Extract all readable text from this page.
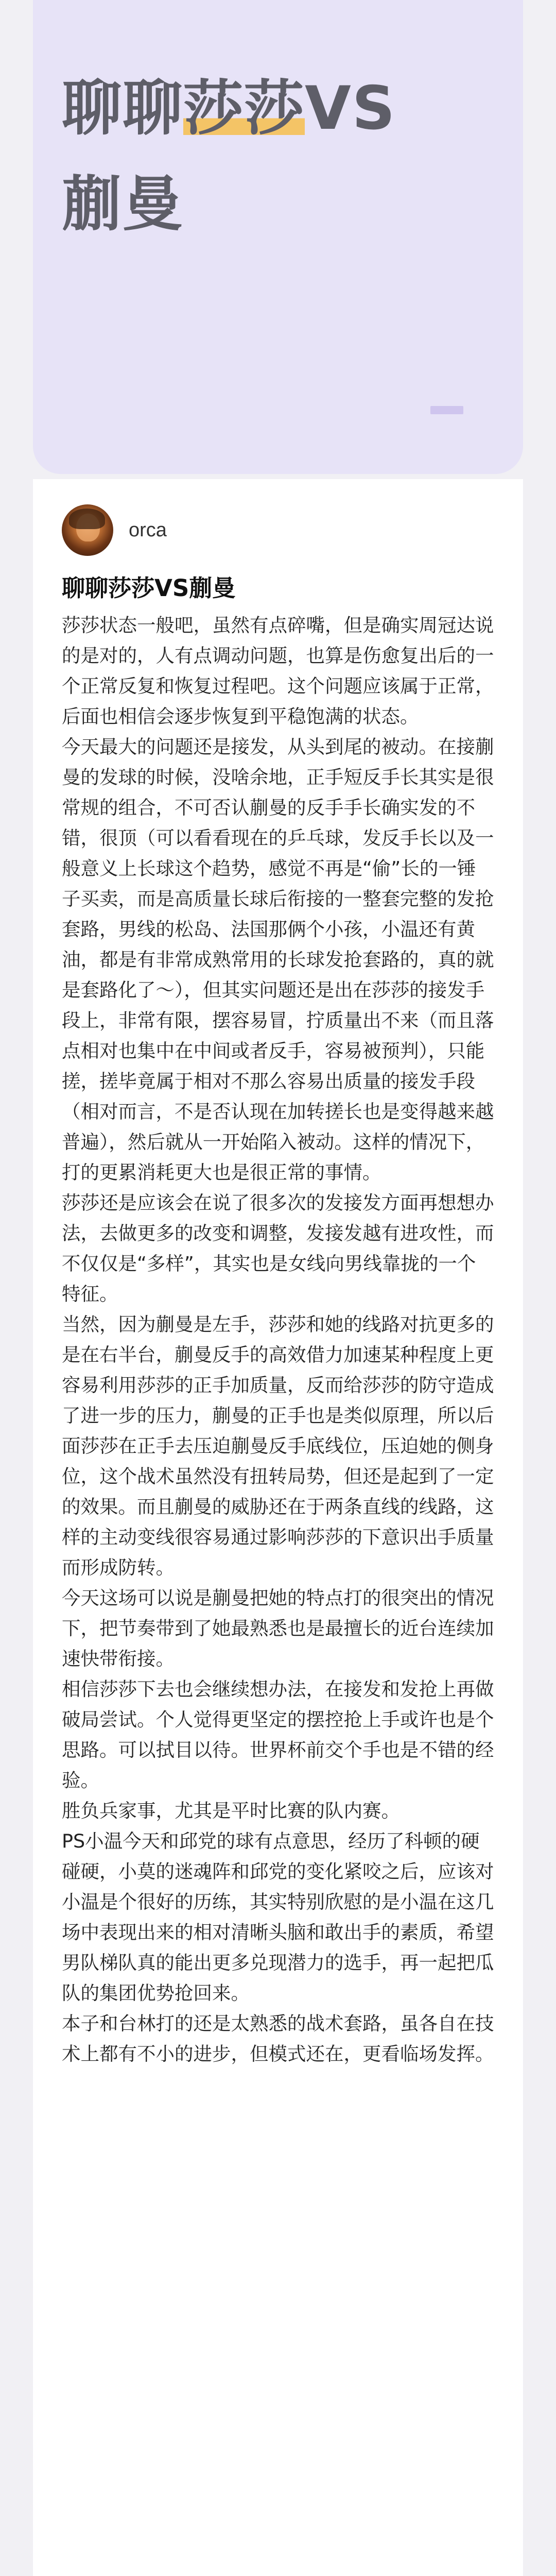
聊聊莎莎VS
蒯曼
orca
聊聊莎莎VS蒯曼

莎莎状态一般吧，虽然有点碎嘴，但是确实周冠达说的是对的，人有点调动问题，也算是伤愈复出后的一个正常反复和恢复过程吧。这个问题应该属于正常，后面也相信会逐步恢复到平稳饱满的状态。

今天最大的问题还是接发，从头到尾的被动。在接蒯曼的发球的时候，没啥余地，正手短反手长其实是很常规的组合，不可否认蒯曼的反手手长确实发的不错，很顶（可以看看现在的乒乓球，发反手长以及一般意义上长球这个趋势，感觉不再是“偷”长的一锤子买卖，而是高质量长球后衔接的一整套完整的发抢套路，男线的松岛、法国那俩个小孩，小温还有黄油，都是有非常成熟常用的长球发抢套路的，真的就是套路化了～），但其实问题还是出在莎莎的接发手段上，非常有限，摆容易冒，拧质量出不来（而且落点相对也集中在中间或者反手，容易被预判），只能搓，搓毕竟属于相对不那么容易出质量的接发手段（相对而言，不是否认现在加转搓长也是变得越来越普遍），然后就从一开始陷入被动。这样的情况下，打的更累消耗更大也是很正常的事情。

莎莎还是应该会在说了很多次的发接发方面再想想办法，去做更多的改变和调整，发接发越有进攻性，而不仅仅是“多样”，其实也是女线向男线靠拢的一个特征。

当然，因为蒯曼是左手，莎莎和她的线路对抗更多的是在右半台，蒯曼反手的高效借力加速某种程度上更容易利用莎莎的正手加质量，反而给莎莎的防守造成了进一步的压力，蒯曼的正手也是类似原理，所以后面莎莎在正手去压迫蒯曼反手底线位，压迫她的侧身位，这个战术虽然没有扭转局势，但还是起到了一定的效果。而且蒯曼的威胁还在于两条直线的线路，这样的主动变线很容易通过影响莎莎的下意识出手质量而形成防转。

今天这场可以说是蒯曼把她的特点打的很突出的情况下，把节奏带到了她最熟悉也是最擅长的近台连续加速快带衔接。

相信莎莎下去也会继续想办法，在接发和发抢上再做破局尝试。个人觉得更坚定的摆控抢上手或许也是个思路。可以拭目以待。世界杯前交个手也是不错的经验。

胜负兵家事，尤其是平时比赛的队内赛。

PS小温今天和邱党的球有点意思，经历了科顿的硬碰硬，小莫的迷魂阵和邱党的变化紧咬之后，应该对小温是个很好的历练，其实特别欣慰的是小温在这几场中表现出来的相对清晰头脑和敢出手的素质，希望男队梯队真的能出更多兑现潜力的选手，再一起把瓜队的集团优势抢回来。

本子和台林打的还是太熟悉的战术套路，虽各自在技术上都有不小的进步，但模式还在，更看临场发挥。
